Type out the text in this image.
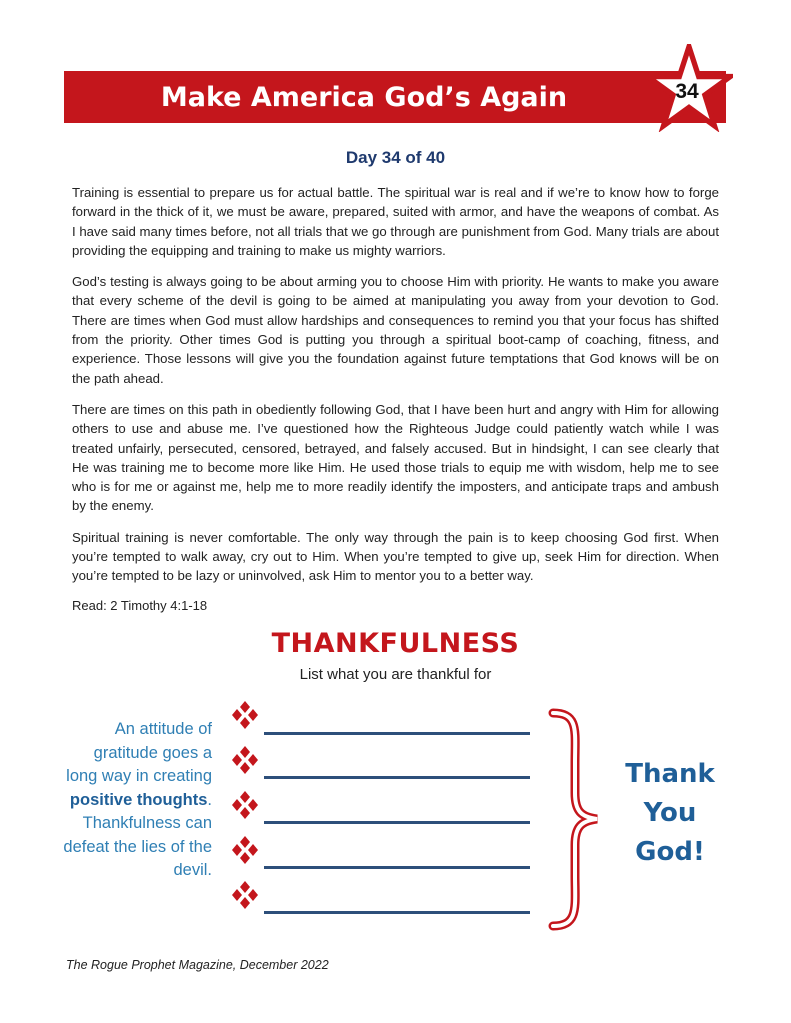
Make America God’s Again	34
Day 34 of 40

Training is essential to prepare us for actual battle. The spiritual war is real and if we’re to know how to forge forward in the thick of it, we must be aware, prepared, suited with armor, and have the weapons of combat. As I have said many times before, not all trials that we go through are punishment from God. Many trials are about providing the equipping and training to make us mighty warriors.

God’s testing is always going to be about arming you to choose Him with priority. He wants to make you aware that every scheme of the devil is going to be aimed at manipulating you away from your devotion to God. There are times when God must allow hardships and consequences to remind you that your focus has shifted from the priority. Other times God is putting you through a spiritual boot-camp of coaching, fitness, and experience. Those lessons will give you the foundation against future temptations that God knows will be on the path ahead.

There are times on this path in obediently following God, that I have been hurt and angry with Him for allowing others to use and abuse me. I’ve questioned how the Righteous Judge could patiently watch while I was treated unfairly, persecuted, censored, betrayed, and falsely accused. But in hindsight, I can see clearly that He was training me to become more like Him. He used those trials to equip me with wisdom, help me to see who is for me or against me, help me to more readily identify the imposters, and anticipate traps and ambush by the enemy.

Spiritual training is never comfortable. The only way through the pain is to keep choosing God first. When you’re tempted to walk away, cry out to Him. When you’re tempted to give up, seek Him for direction. When you’re tempted to be lazy or uninvolved, ask Him to mentor you to a better way.

Read: 2 Timothy 4:1-18
THANKFULNESS
List what you are thankful for
An attitude of gratitude goes a long way in creating positive thoughts. Thankfulness can defeat the lies of the devil.
Thank
You
God!
The Rogue Prophet Magazine, December 2022
